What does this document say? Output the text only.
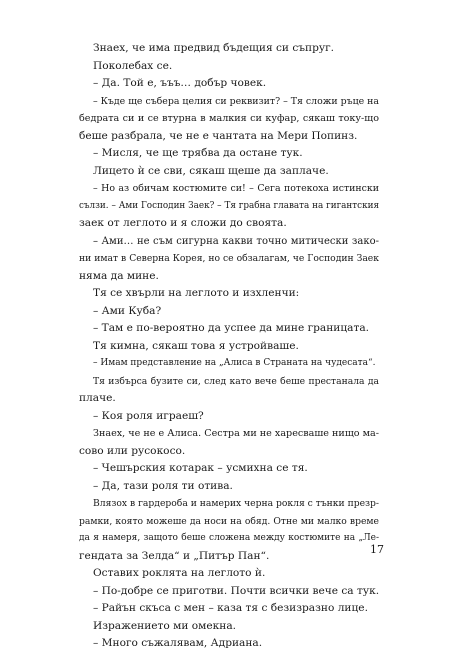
Знаех, че има предвид бъдещия си съпруг.
Поколебах се.
– Да. Той е, ъъъ… добър човек.
– Къде ще събера целия си реквизит? – Тя сложи ръце на
бедрата си и се втурна в малкия си куфар, сякаш току-що
беше разбрала, че не е чантата на Мери Попинз.
– Мисля, че ще трябва да остане тук.
Лицето ѝ се сви, сякаш щеше да заплаче.
– Но аз обичам костюмите си! – Сега потекоха истински
сълзи. – Ами Господин Заек? – Тя грабна главата на гигантския
заек от леглото и я сложи до своята.
– Ами… не съм сигурна какви точно митически зако-
ни имат в Северна Корея, но се обзалагам, че Господин Заек
няма да мине.
Тя се хвърли на леглото и изхленчи:
– Ами Куба?
– Там е по-вероятно да успее да мине границата.
Тя кимна, сякаш това я устройваше.
– Имам представление на „Алиса в Страната на чудесата“.
Тя избърса бузите си, след като вече беше престанала да
плаче.
– Коя роля играеш?
Знаех, че не е Алиса. Сестра ми не харесваше нищо ма-
сово или русокосо.
– Чешърския котарак – усмихна се тя.
– Да, тази роля ти отива.
Влязох в гардероба и намерих черна рокля с тънки презр-
рамки, която можеше да носи на обяд. Отне ми малко време
да я намеря, защото беше сложена между костюмите на „Ле-
гендата за Зелда“ и „Питър Пан“.
Оставих роклята на леглото ѝ.
– По-добре се приготви. Почти всички вече са тук.
– Райън скъса с мен – каза тя с безизразно лице.
Изражението ми омекна.
– Много съжалявам, Адриана.
17
